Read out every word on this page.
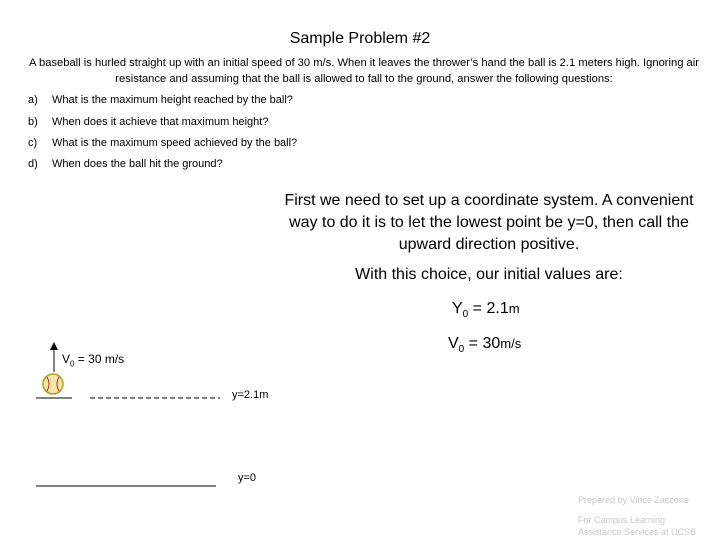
Sample Problem #2
A baseball is hurled straight up with an initial speed of 30 m/s. When it leaves the thrower’s hand the ball is 2.1 meters high. Ignoring air resistance and assuming that the ball is allowed to fall to the ground, answer the following questions:
a) What is the maximum height reached by the ball?
b) When does it achieve that maximum height?
c) What is the maximum speed achieved by the ball?
d) When does the ball hit the ground?
First we need to set up a coordinate system. A convenient way to do it is to let the lowest point be y=0, then call the upward direction positive.
With this choice, our initial values are:
$Y_0 = 2.1m$
$V_0 = 30m/s$
$V_0 = 30$ m/s
y=2.1m
y=0
Prepared by Vince Zaccone
For Campus Learning
Assistance Services at UCSB
